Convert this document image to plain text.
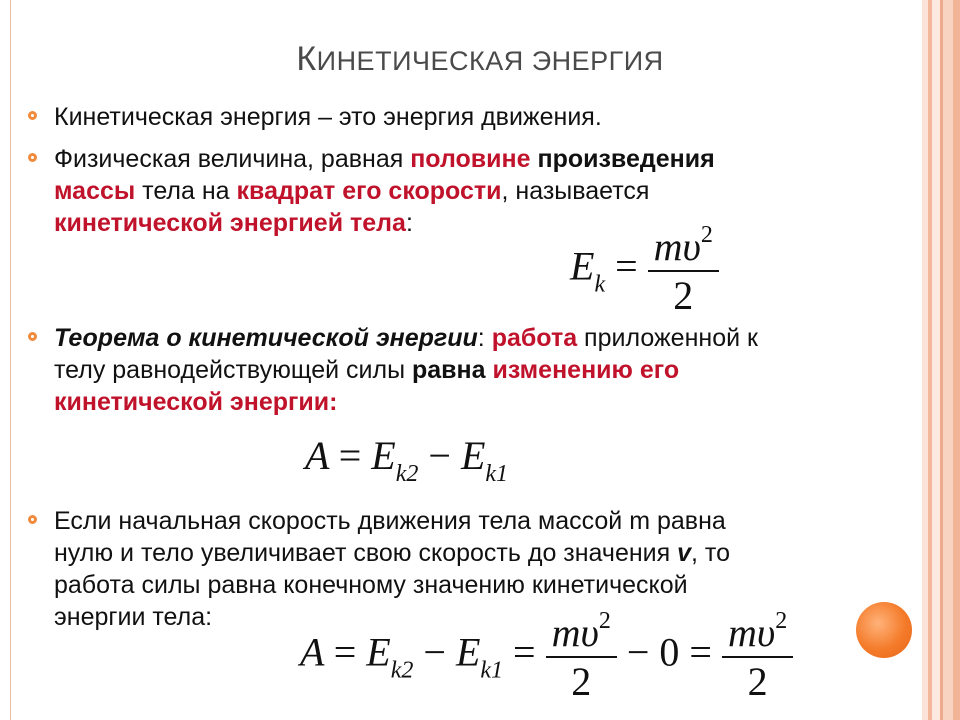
КИНЕТИЧЕСКАЯ ЭНЕРГИЯ
Кинетическая энергия – это энергия движения.
Физическая величина, равная половине произведения
массы тела на квадрат его скорости, называется
кинетической энергией тела:
$E_k = \frac{m\upsilon^2}{2}$
Теорема о кинетической энергии: работа приложенной к
телу равнодействующей силы равна изменению его
кинетической энергии:
$A = E_{k2} - E_{k1}$
Если начальная скорость движения тела массой m равна
нулю и тело увеличивает свою скорость до значения v, то
работа силы равна конечному значению кинетической
энергии тела:
$A = E_{k2} - E_{k1} = \frac{m\upsilon^2}{2} - 0 = \frac{m\upsilon^2}{2}$
